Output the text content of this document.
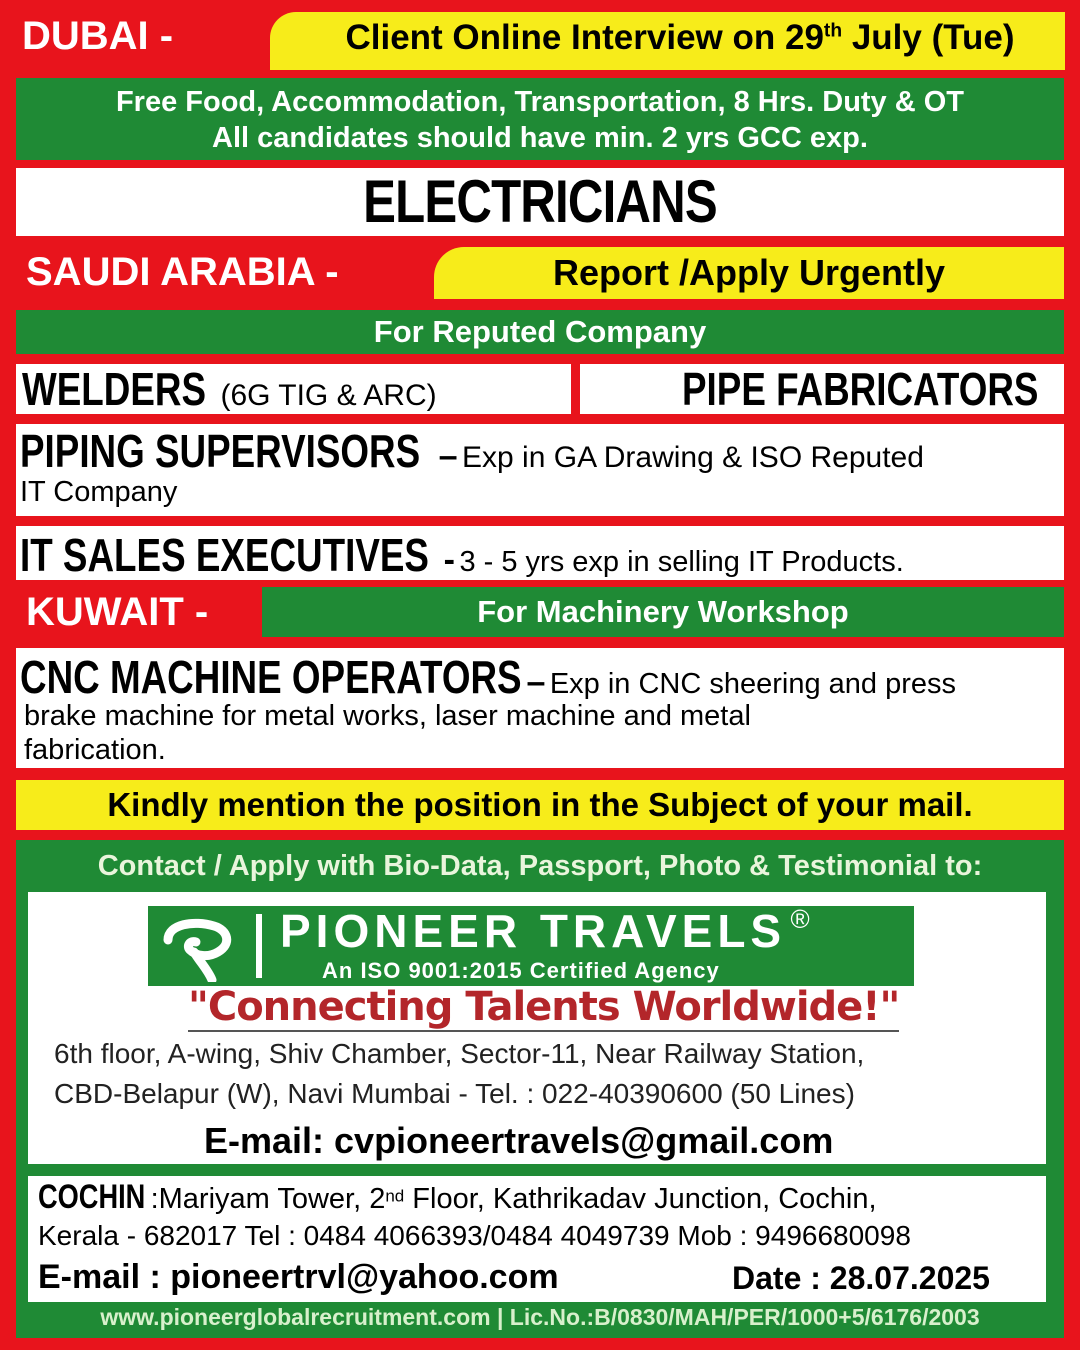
DUBAI -	Client Online Interview on 29th July (Tue)
Free Food, Accommodation, Transportation, 8 Hrs. Duty & OT
All candidates should have min. 2 yrs GCC exp.
ELECTRICIANS
SAUDI ARABIA -	Report /Apply Urgently
For Reputed Company
WELDERS (6G TIG & ARC)	PIPE FABRICATORS
PIPING SUPERVISORS – Exp in GA Drawing & ISO Reputed
IT Company
IT SALES EXECUTIVES - 3 - 5 yrs exp in selling IT Products.
KUWAIT -	For Machinery Workshop
CNC MACHINE OPERATORS – Exp in CNC sheering and press
brake machine for metal works, laser machine and metal
fabrication.
Kindly mention the position in the Subject of your mail.
Contact / Apply with Bio-Data, Passport, Photo & Testimonial to:
PIONEER TRAVELS ®
An ISO 9001:2015 Certified Agency
"Connecting Talents Worldwide!"
6th floor, A-wing, Shiv Chamber, Sector-11, Near Railway Station,
CBD-Belapur (W), Navi Mumbai - Tel. : 022-40390600 (50 Lines)
E-mail: cvpioneertravels@gmail.com
COCHIN :Mariyam Tower, 2nd Floor, Kathrikadav Junction, Cochin,
Kerala - 682017 Tel : 0484 4066393/0484 4049739 Mob : 9496680098
E-mail : pioneertrvl@yahoo.com	Date : 28.07.2025
www.pioneerglobalrecruitment.com | Lic.No.:B/0830/MAH/PER/1000+5/6176/2003
